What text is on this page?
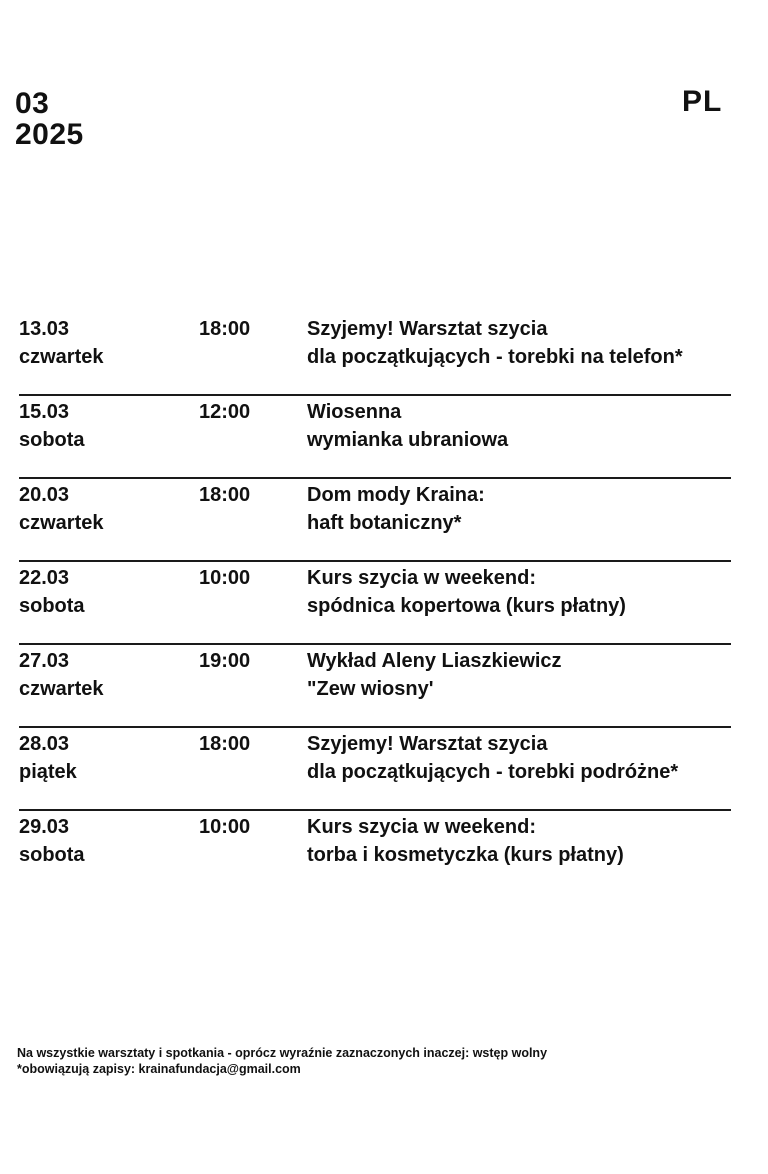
03
2025
PL
13.03
czwartek
18:00	Szyjemy! Warsztat szycia
dla początkujących - torebki na telefon*
15.03
sobota
12:00	Wiosenna
wymianka ubraniowa
20.03
czwartek
18:00	Dom mody Kraina:
haft botaniczny*
22.03
sobota
10:00	Kurs szycia w weekend:
spódnica kopertowa (kurs płatny)
27.03
czwartek
19:00	Wykład Aleny Liaszkiewicz
"Zew wiosny'
28.03
piątek
18:00	Szyjemy! Warsztat szycia
dla początkujących - torebki podróżne*
29.03
sobota
10:00	Kurs szycia w weekend:
torba i kosmetyczka (kurs płatny)
Na wszystkie warsztaty i spotkania - oprócz wyraźnie zaznaczonych inaczej: wstęp wolny
*obowiązują zapisy: krainafundacja@gmail.com
